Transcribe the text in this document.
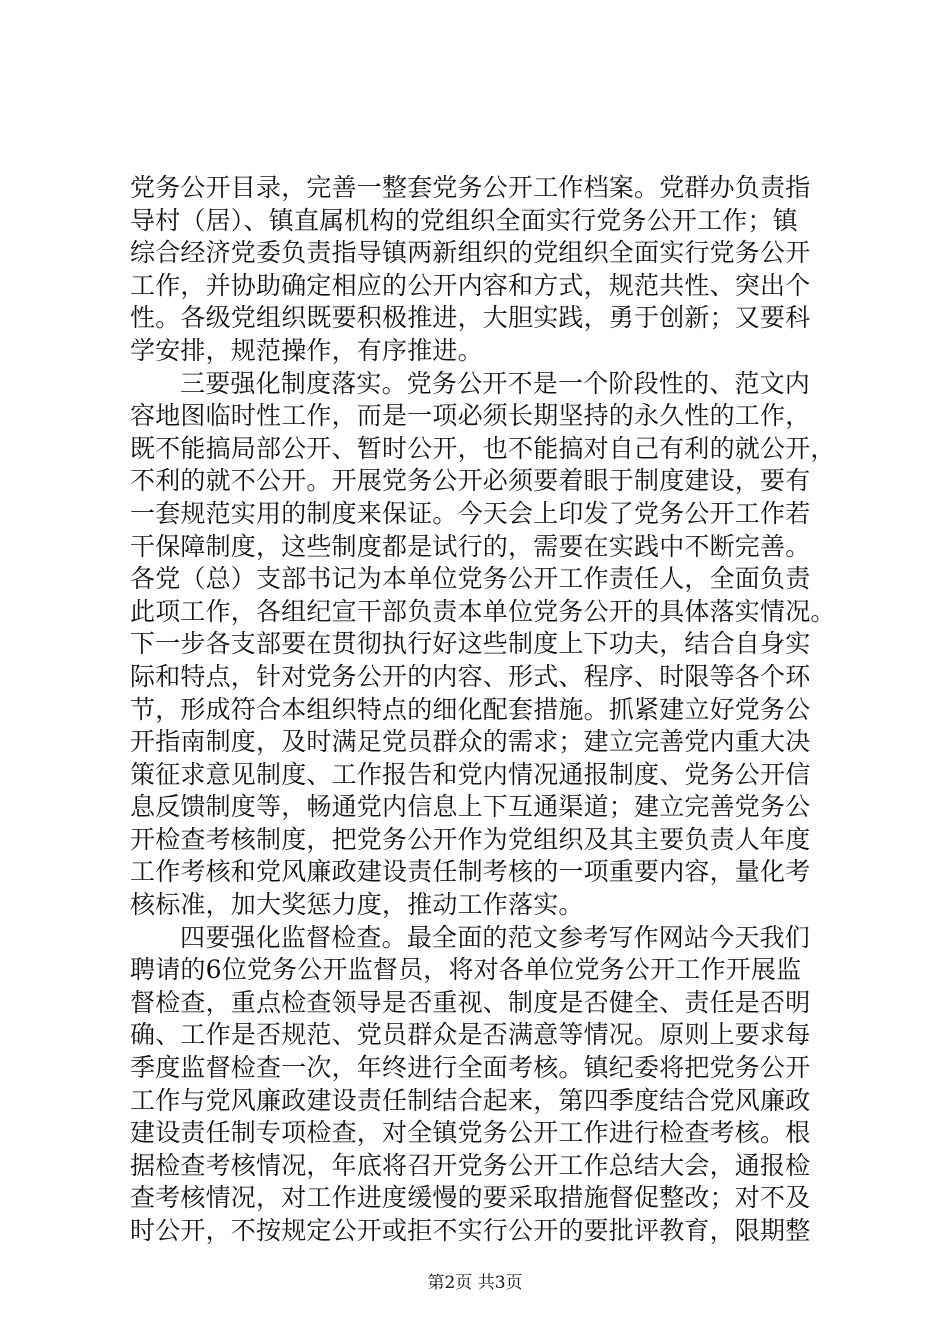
党务公开目录，完善一整套党务公开工作档案。党群办负责指
导村（居）、镇直属机构的党组织全面实行党务公开工作；镇
综合经济党委负责指导镇两新组织的党组织全面实行党务公开
工作，并协助确定相应的公开内容和方式，规范共性、突出个
性。各级党组织既要积极推进，大胆实践，勇于创新；又要科
学安排，规范操作，有序推进。
三要强化制度落实。党务公开不是一个阶段性的、范文内
容地图临时性工作，而是一项必须长期坚持的永久性的工作，
既不能搞局部公开、暂时公开，也不能搞对自己有利的就公开，
不利的就不公开。开展党务公开必须要着眼于制度建设，要有
一套规范实用的制度来保证。今天会上印发了党务公开工作若
干保障制度，这些制度都是试行的，需要在实践中不断完善。
各党（总）支部书记为本单位党务公开工作责任人，全面负责
此项工作，各组纪宣干部负责本单位党务公开的具体落实情况。
下一步各支部要在贯彻执行好这些制度上下功夫，结合自身实
际和特点，针对党务公开的内容、形式、程序、时限等各个环
节，形成符合本组织特点的细化配套措施。抓紧建立好党务公
开指南制度，及时满足党员群众的需求；建立完善党内重大决
策征求意见制度、工作报告和党内情况通报制度、党务公开信
息反馈制度等，畅通党内信息上下互通渠道；建立完善党务公
开检查考核制度，把党务公开作为党组织及其主要负责人年度
工作考核和党风廉政建设责任制考核的一项重要内容，量化考
核标准，加大奖惩力度，推动工作落实。
四要强化监督检查。最全面的范文参考写作网站今天我们
聘请的6位党务公开监督员，将对各单位党务公开工作开展监
督检查，重点检查领导是否重视、制度是否健全、责任是否明
确、工作是否规范、党员群众是否满意等情况。原则上要求每
季度监督检查一次，年终进行全面考核。镇纪委将把党务公开
工作与党风廉政建设责任制结合起来，第四季度结合党风廉政
建设责任制专项检查，对全镇党务公开工作进行检查考核。根
据检查考核情况，年底将召开党务公开工作总结大会，通报检
查考核情况，对工作进度缓慢的要采取措施督促整改；对不及
时公开，不按规定公开或拒不实行公开的要批评教育，限期整
第2页 共3页
